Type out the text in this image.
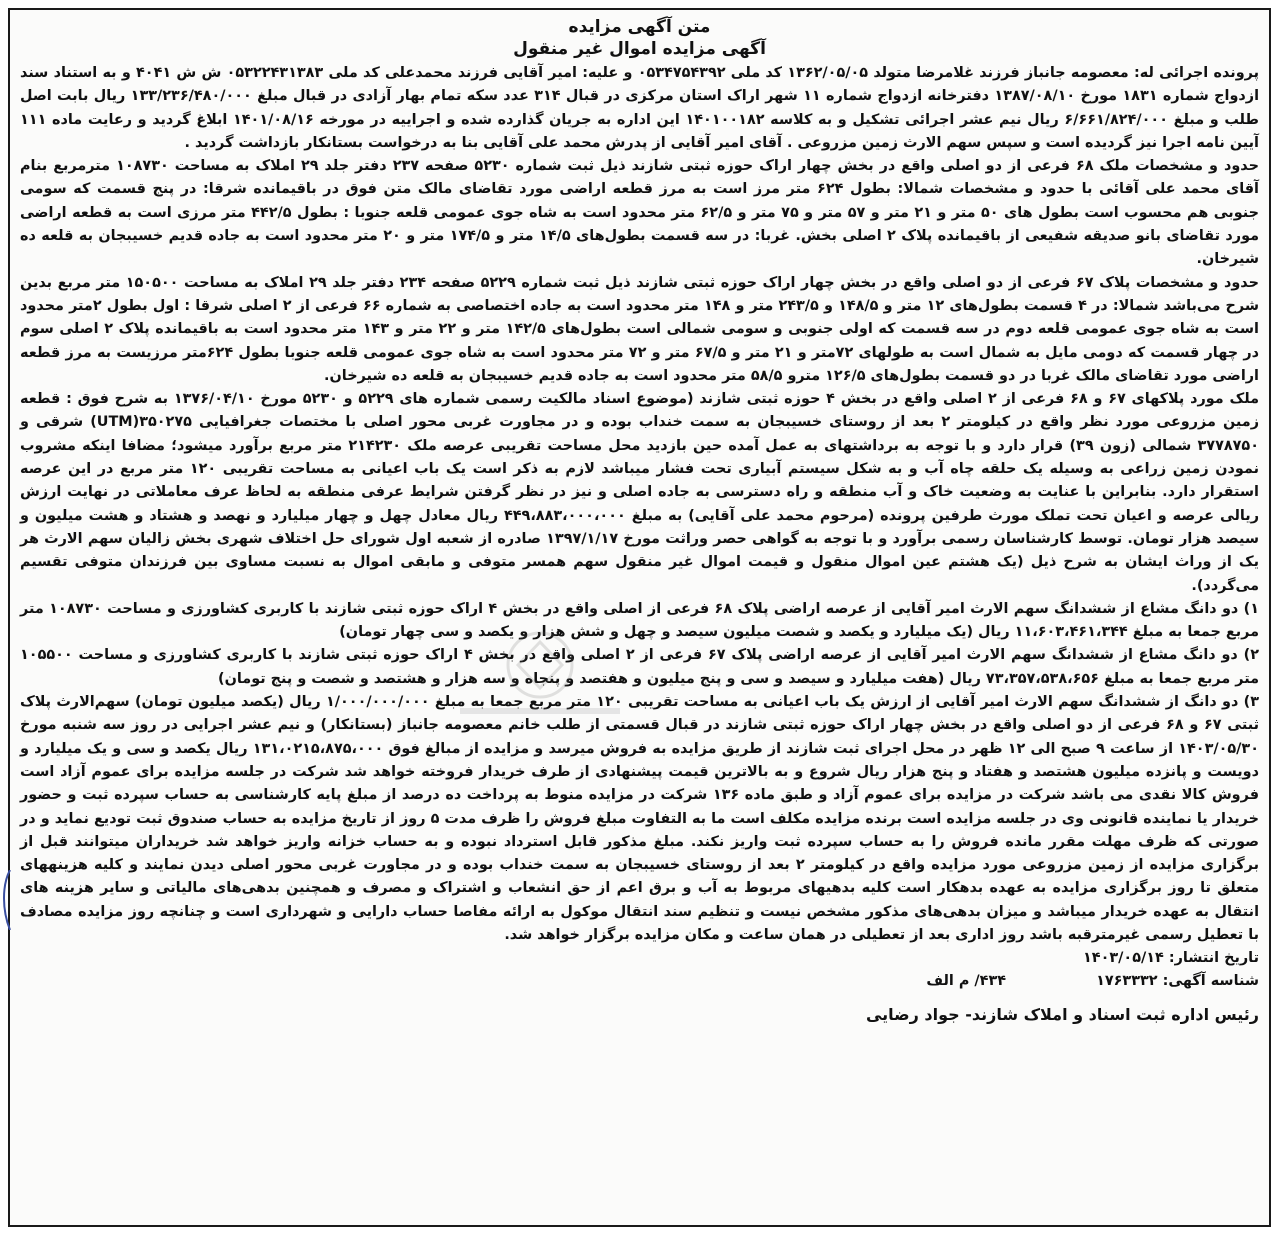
متن آگهی مزایده
آگهی مزایده اموال غیر منقول

پرونده اجرائی له: معصومه جانباز فرزند غلامرضا متولد ۱۳۶۲/۰۵/۰۵ کد ملی ۰۵۳۴۷۵۴۳۹۲ و علیه: امیر آقایی فرزند محمدعلی کد ملی ۰۵۳۲۲۴۳۱۳۸۳ ش ش ۴۰۴۱ و به استناد سند ازدواج شماره ۱۸۳۱ مورخ ۱۳۸۷/۰۸/۱۰ دفترخانه ازدواج شماره ۱۱ شهر اراک استان مرکزی در قبال ۳۱۴ عدد سکه تمام بهار آزادی در قبال مبلغ ۱۳۳/۲۳۶/۴۸۰/۰۰۰ ریال بابت اصل طلب و مبلغ ۶/۶۶۱/۸۲۴/۰۰۰ ریال نیم عشر اجرائی تشکیل و به کلاسه ۱۴۰۱۰۰۱۸۲ این اداره به جریان گذارده شده و اجراییه در مورخه ۱۴۰۱/۰۸/۱۶ ابلاغ گردید و رعایت ماده ۱۱۱ آیین نامه اجرا نیز گردیده است و سپس سهم الارث زمین مزروعی . آقای امیر آقایی از پدرش محمد علی آقایی بنا به درخواست بستانکار بازداشت گردید .

حدود و مشخصات ملک ۶۸ فرعی از دو اصلی واقع در بخش چهار اراک حوزه ثبتی شازند ذیل ثبت شماره ۵۲۳۰ صفحه ۲۳۷ دفتر جلد ۲۹ املاک به مساحت ۱۰۸۷۳۰ مترمربع بنام آقای محمد علی آقائی با حدود و مشخصات شمالا: بطول ۶۲۴ متر مرز است به مرز قطعه اراضی مورد تقاضای مالک متن فوق در باقیمانده شرقا: در پنج قسمت که سومی جنوبی هم محسوب است بطول های ۵۰ متر و ۲۱ متر و ۵۷ متر و ۷۵ متر و ۶۲/۵ متر محدود است به شاه جوی عمومی قلعه جنوبا : بطول ۴۴۲/۵ متر مرزی است به قطعه اراضی مورد تقاضای بانو صدیقه شفیعی از باقیمانده پلاک ۲ اصلی بخش. غربا: در سه قسمت بطول‌های ۱۴/۵ متر و ۱۷۴/۵ متر و ۲۰ متر محدود است به جاده قدیم خسیبجان به قلعه ده شیرخان.

حدود و مشخصات پلاک ۶۷ فرعی از دو اصلی واقع در بخش چهار اراک حوزه ثبتی شازند ذیل ثبت شماره ۵۲۲۹ صفحه ۲۳۴ دفتر جلد ۲۹ املاک به مساحت ۱۵۰۵۰۰ متر مربع بدین شرح می‌باشد شمالا: در ۴ قسمت بطول‌های ۱۲ متر و ۱۴۸/۵ و ۲۴۳/۵ متر و ۱۴۸ متر محدود است به جاده اختصاصی به شماره ۶۶ فرعی از ۲ اصلی شرقا : اول بطول ۲متر محدود است به شاه جوی عمومی قلعه دوم در سه قسمت که اولی جنوبی و سومی شمالی است بطول‌های ۱۴۲/۵ متر و ۲۲ متر و ۱۴۳ متر محدود است به باقیمانده پلاک ۲ اصلی سوم در چهار قسمت که دومی مایل به شمال است به طولهای ۷۲متر و ۲۱ متر و ۶۷/۵ متر و ۷۲ متر محدود است به شاه جوی عمومی قلعه جنوبا بطول ۶۲۴متر مرزیست به مرز قطعه اراضی مورد تقاضای مالک غربا در دو قسمت بطول‌های ۱۲۶/۵ مترو ۵۸/۵ متر محدود است به جاده قدیم خسیبجان به قلعه ده شیرخان.

ملک مورد پلاکهای ۶۷ و ۶۸ فرعی از ۲ اصلی واقع در بخش ۴ حوزه ثبتی شازند (موضوع اسناد مالکیت رسمی شماره های ۵۲۲۹ و ۵۲۳۰ مورخ ۱۳۷۶/۰۴/۱۰ به شرح فوق : قطعه زمین مزروعی مورد نظر واقع در کیلومتر ۲ بعد از روستای خسیبجان به سمت خنداب بوده و در مجاورت غربی محور اصلی با مختصات جغرافیایی ۳۵۰۲۷۵(UTM) شرقی و ۳۷۷۸۷۵۰ شمالی (زون ۳۹) قرار دارد و با توجه به برداشتهای به عمل آمده حین بازدید محل مساحت تقریبی عرصه ملک ۲۱۴۲۳۰ متر مربع برآورد میشود؛ مضافا اینکه مشروب نمودن زمین زراعی به وسیله یک حلقه چاه آب و به شکل سیستم آبیاری تحت فشار میباشد لازم به ذکر است یک باب اعیانی به مساحت تقریبی ۱۲۰ متر مربع در این عرصه استقرار دارد. بنابراین با عنایت به وضعیت خاک و آب منطقه و راه دسترسی به جاده اصلی و نیز در نظر گرفتن شرایط عرفی منطقه به لحاظ عرف معاملاتی در نهایت ارزش ریالی عرصه و اعیان تحت تملک مورث طرفین پرونده (مرحوم محمد علی آقایی) به مبلغ ۴۴۹،۸۸۳،۰۰۰،۰۰۰ ریال معادل چهل و چهار میلیارد و نهصد و هشتاد و هشت میلیون و سیصد هزار تومان. توسط کارشناسان رسمی برآورد و با توجه به گواهی حصر وراثت مورخ ۱۳۹۷/۱/۱۷ صادره از شعبه اول شورای حل اختلاف شهری بخش زالیان سهم الارث هر یک از وراث ایشان به شرح ذیل (یک هشتم عین اموال منقول و قیمت اموال غیر منقول سهم همسر متوفی و مابقی اموال به نسبت مساوی بین فرزندان متوفی تقسیم می‌گردد).

۱) دو دانگ مشاع از ششدانگ سهم الارث امیر آقایی از عرصه اراضی پلاک ۶۸ فرعی از اصلی واقع در بخش ۴ اراک حوزه ثبتی شازند با کاربری کشاورزی و مساحت ۱۰۸۷۳۰ متر مربع جمعا به مبلغ ۱۱،۶۰۳،۴۶۱،۳۴۴ ریال (یک میلیارد و یکصد و شصت میلیون سیصد و چهل و شش هزار و یکصد و سی چهار تومان)

۲) دو دانگ مشاع از ششدانگ سهم الارث امیر آقایی از عرصه اراضی پلاک ۶۷ فرعی از ۲ اصلی واقع در بخش ۴ اراک حوزه ثبتی شازند با کاربری کشاورزی و مساحت ۱۰۵۵۰۰ متر مربع جمعا به مبلغ ۷۳،۳۵۷،۵۳۸،۶۵۶ ریال (هفت میلیارد و سیصد و سی و پنج میلیون و هفتصد و پنجاه و سه هزار و هشتصد و شصت و پنج تومان)

۳) دو دانگ از ششدانگ سهم الارث امیر آقایی از ارزش یک باب اعیانی به مساحت تقریبی ۱۲۰ متر مربع جمعا به مبلغ ۱/۰۰۰/۰۰۰/۰۰۰ ریال (یکصد میلیون تومان) سهم‌الارث پلاک ثبتی ۶۷ و ۶۸ فرعی از دو اصلی واقع در بخش چهار اراک حوزه ثبتی شازند در قبال قسمتی از طلب خانم معصومه جانباز (بستانکار) و نیم عشر اجرایی در روز سه شنبه مورخ ۱۴۰۳/۰۵/۳۰ از ساعت ۹ صبح الی ۱۲ ظهر در محل اجرای ثبت شازند از طریق مزایده به فروش میرسد و مزایده از مبالغ فوق ۱۳۱،۰۲۱۵،۸۷۵،۰۰۰ ریال یکصد و سی و یک میلیارد و دویست و پانزده میلیون هشتصد و هفتاد و پنج هزار ریال شروع و به بالاترین قیمت پیشنهادی از طرف خریدار فروخته خواهد شد شرکت در جلسه مزایده برای عموم آزاد است فروش کالا نقدی می باشد شرکت در مزایده برای عموم آزاد و طبق ماده ۱۳۶ شرکت در مزایده منوط به پرداخت ده درصد از مبلغ پایه کارشناسی به حساب سپرده ثبت و حضور خریدار یا نماینده قانونی وی در جلسه مزایده است برنده مزایده مکلف است ما به التفاوت مبلغ فروش را ظرف مدت ۵ روز از تاریخ مزایده به حساب صندوق ثبت تودیع نماید و در صورتی که ظرف مهلت مقرر مانده فروش را به حساب سپرده ثبت واریز نکند. مبلغ مذکور قابل استرداد نبوده و به حساب خزانه واریز خواهد شد خریداران میتوانند قبل از برگزاری مزایده از زمین مزروعی مورد مزایده واقع در کیلومتر ۲ بعد از روستای خسیبجان به سمت خنداب بوده و در مجاورت غربی محور اصلی دیدن نمایند و کلیه هزینههای متعلق تا روز برگزاری مزایده به عهده بدهکار است کلیه بدهیهای مربوط به آب و برق اعم از حق انشعاب و اشتراک و مصرف و همچنین بدهی‌های مالیاتی و سایر هزینه های انتقال به عهده خریدار میباشد و میزان بدهی‌های مذکور مشخص نیست و تنظیم سند انتقال موکول به ارائه مفاصا حساب دارایی و شهرداری است و چنانچه روز مزایده مصادف با تعطیل رسمی غیرمترقبه باشد روز اداری بعد از تعطیلی در همان ساعت و مکان مزایده برگزار خواهد شد.

تاریخ انتشار: ۱۴۰۳/۰۵/۱۴
شناسه آگهی: ۱۷۶۳۳۳۲  ۴۳۴/ م الف
رئیس اداره ثبت اسناد و املاک شازند- جواد رضایی
